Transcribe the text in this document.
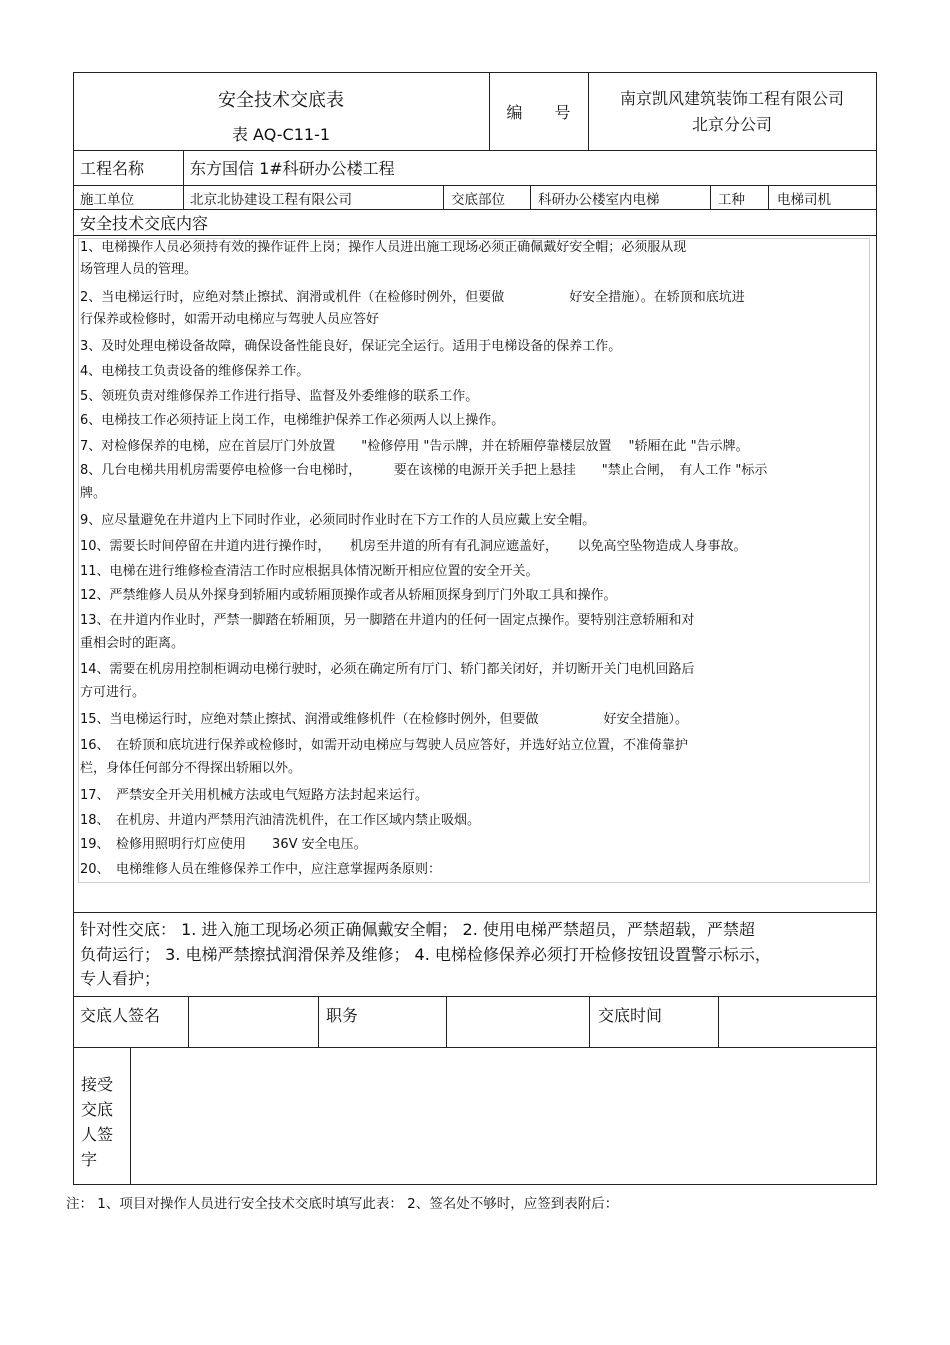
安全技术交底表
表 AQ-C11-1
编　　号
南京凯风建筑装饰工程有限公司
北京分公司
工程名称	东方国信 1#科研办公楼工程
施工单位	北京北协建设工程有限公司	交底部位 科研办公楼室内电梯	工种 电梯司机
安全技术交底内容
1、电梯操作人员必须持有效的操作证件上岗；操作人员进出施工现场必须正确佩戴好安全帽；必须服从现
场管理人员的管理。
2、当电梯运行时，应绝对禁止擦拭、润滑或机件（在检修时例外，但要做　　　　　好安全措施）。在轿顶和底坑进
行保养或检修时，如需开动电梯应与驾驶人员应答好
3、及时处理电梯设备故障，确保设备性能良好，保证完全运行。适用于电梯设备的保养工作。
4、电梯技工负责设备的维修保养工作。
5、领班负责对维修保养工作进行指导、监督及外委维修的联系工作。
6、电梯技工作必须持证上岗工作，电梯维护保养工作必须两人以上操作。
7、对检修保养的电梯，应在首层厅门外放置　　"检修停用 "告示牌，并在轿厢停靠楼层放置　 "轿厢在此 "告示牌。
8、几台电梯共用机房需要停电检修一台电梯时，　　　要在该梯的电源开关手把上悬挂　　"禁止合闸，　有人工作 "标示
牌。
9、应尽量避免在井道内上下同时作业，必须同时作业时在下方工作的人员应戴上安全帽。
10、需要长时间停留在井道内进行操作时，　　机房至井道的所有有孔洞应遮盖好，　　以免高空坠物造成人身事故。
11、电梯在进行维修检查清洁工作时应根据具体情况断开相应位置的安全开关。
12、严禁维修人员从外探身到轿厢内或轿厢顶操作或者从轿厢顶探身到厅门外取工具和操作。
13、在井道内作业时，严禁一脚踏在轿厢顶，另一脚踏在井道内的任何一固定点操作。要特别注意轿厢和对
重相会时的距离。
14、需要在机房用控制柜调动电梯行驶时，必须在确定所有厅门、轿门都关闭好，并切断开关门电机回路后
方可进行。
15、当电梯运行时，应绝对禁止擦拭、润滑或维修机件（在检修时例外，但要做　　　　　好安全措施）。
16、　在轿顶和底坑进行保养或检修时，如需开动电梯应与驾驶人员应答好，并选好站立位置，不准倚靠护
栏，身体任何部分不得探出轿厢以外。
17、　严禁安全开关用机械方法或电气短路方法封起来运行。
18、　在机房、井道内严禁用汽油清洗机件，在工作区域内禁止吸烟。
19、　检修用照明行灯应使用　　36V 安全电压。
20、　电梯维修人员在维修保养工作中，应注意掌握两条原则：
针对性交底： 1. 进入施工现场必须正确佩戴安全帽； 2. 使用电梯严禁超员，严禁超载，严禁超
负荷运行； 3. 电梯严禁擦拭润滑保养及维修； 4. 电梯检修保养必须打开检修按钮设置警示标示，
专人看护；
交底人签名	职务	交底时间
接受
交底
人签
字
注： 1、项目对操作人员进行安全技术交底时填写此表： 2、签名处不够时，应签到表附后：
